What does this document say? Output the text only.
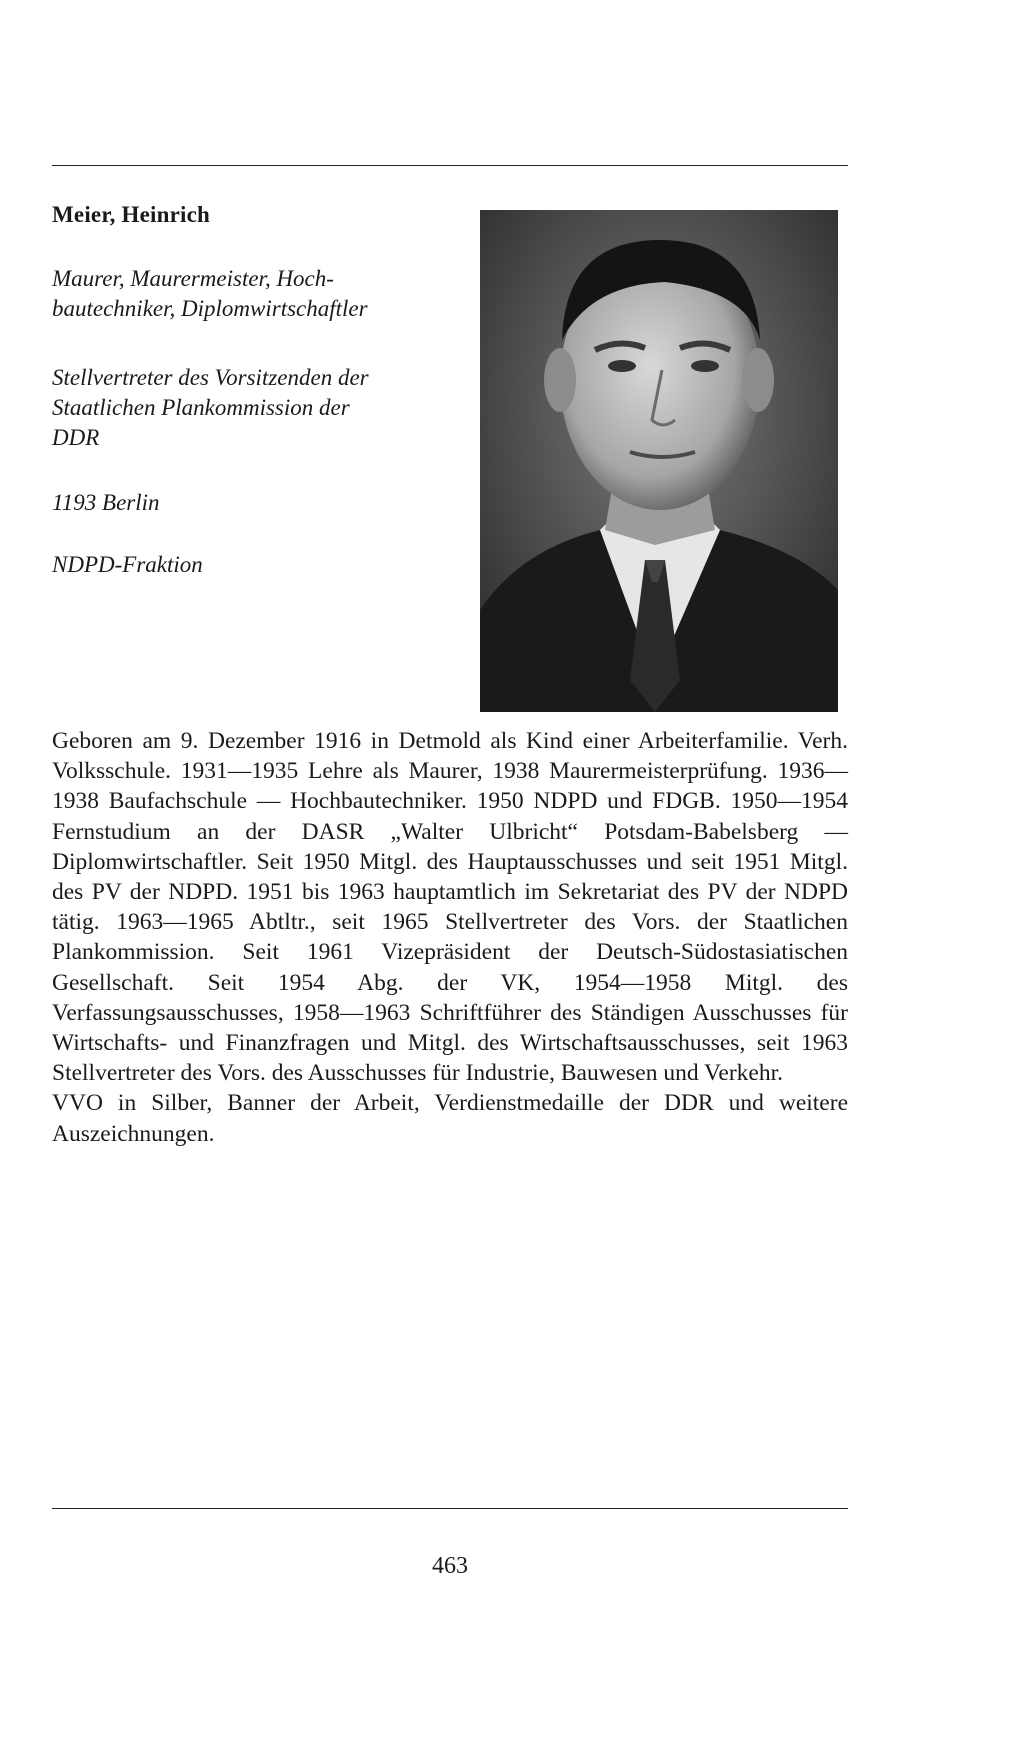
Meier, Heinrich
Maurer, Maurermeister, Hoch-
bautechniker, Diplomwirtschaftler
Stellvertreter des Vorsitzenden der
Staatlichen Plankommission der
DDR
1193 Berlin
NDPD-Fraktion

Geboren am 9. Dezember 1916 in Detmold als Kind einer Arbeiterfamilie. Verh. Volksschule. 1931—1935 Lehre als Maurer, 1938 Maurermeisterprüfung. 1936—1938 Baufachschule — Hochbautechniker. 1950 NDPD und FDGB. 1950—1954 Fernstudium an der DASR „Walter Ulbricht“ Potsdam-Babelsberg — Diplomwirtschaftler. Seit 1950 Mitgl. des Hauptausschusses und seit 1951 Mitgl. des PV der NDPD. 1951 bis 1963 hauptamtlich im Sekretariat des PV der NDPD tätig. 1963—1965 Abtltr., seit 1965 Stellvertreter des Vors. der Staatlichen Plankommission. Seit 1961 Vizepräsident der Deutsch-Südostasiatischen Gesellschaft. Seit 1954 Abg. der VK, 1954—1958 Mitgl. des Verfassungsausschusses, 1958—1963 Schriftführer des Ständigen Ausschusses für Wirtschafts- und Finanzfragen und Mitgl. des Wirtschaftsausschusses, seit 1963 Stellvertreter des Vors. des Ausschusses für Industrie, Bauwesen und Verkehr.

VVO in Silber, Banner der Arbeit, Verdienstmedaille der DDR und weitere Auszeichnungen.

463
